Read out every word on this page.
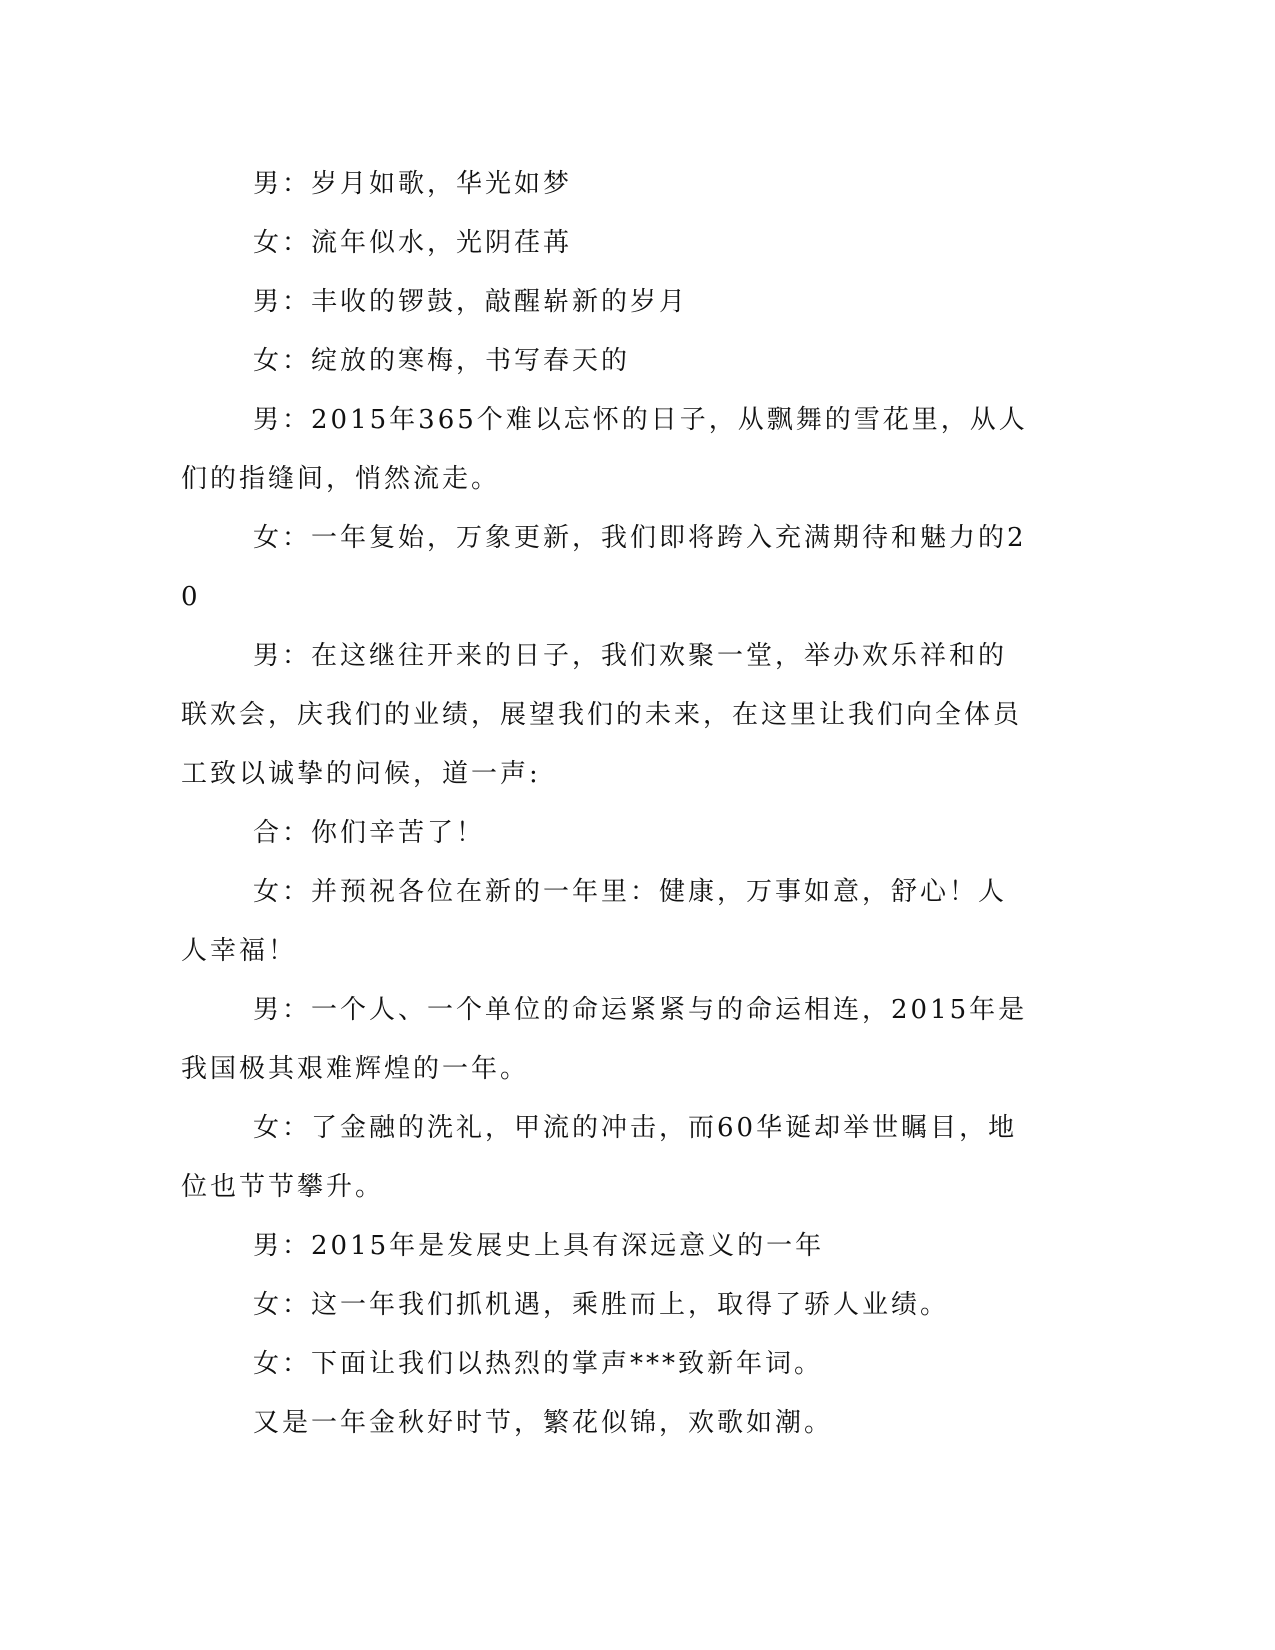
男：岁月如歌，华光如梦

女：流年似水，光阴荏苒

男：丰收的锣鼓，敲醒崭新的岁月

女：绽放的寒梅，书写春天的

男：2015年365个难以忘怀的日子，从飘舞的雪花里，从人们的指缝间，悄然流走。

女：一年复始，万象更新，我们即将跨入充满期待和魅力的20

男：在这继往开来的日子，我们欢聚一堂，举办欢乐祥和的联欢会，庆我们的业绩，展望我们的未来，在这里让我们向全体员工致以诚挚的问候，道一声:

合：你们辛苦了！

女：并预祝各位在新的一年里：健康，万事如意，舒心！人人幸福！

男：一个人、一个单位的命运紧紧与的命运相连，2015年是我国极其艰难辉煌的一年。

女：了金融的洗礼，甲流的冲击，而60华诞却举世瞩目，地位也节节攀升。

男：2015年是发展史上具有深远意义的一年

女：这一年我们抓机遇，乘胜而上，取得了骄人业绩。

女：下面让我们以热烈的掌声***致新年词。

又是一年金秋好时节，繁花似锦，欢歌如潮。
